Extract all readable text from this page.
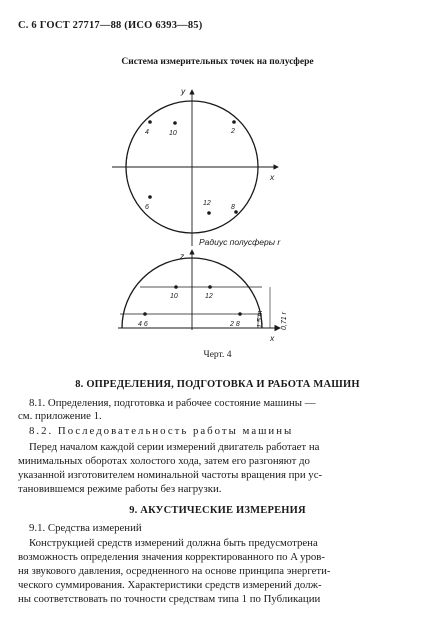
С. 6 ГОСТ 27717—88 (ИСО 6393—85)
Система измерительных точек на полусфере
y
x
4	10	2
6
12
8
Радиус полусферы r
z
x
10	12
4 6	2 8 1,5 m 0,71 r
Черт. 4
8. ОПРЕДЕЛЕНИЯ, ПОДГОТОВКА И РАБОТА МАШИН
8.1. Определения, подготовка и рабочее состояние машины —
см. приложение 1.
8.2. Последовательность работы машины
Перед началом каждой серии измерений двигатель работает на
минимальных оборотах холостого хода, затем его разгоняют до
указанной изготовителем номинальной частоты вращения при ус-
тановившемся режиме работы без нагрузки.
9. АКУСТИЧЕСКИЕ ИЗМЕРЕНИЯ
9.1. Средства измерений
Конструкцией средств измерений должна быть предусмотрена
возможность определения значения корректированного по A уров-
ня звукового давления, осредненного на основе принципа энергети-
ческого суммирования. Характеристики средств измерений долж-
ны соответствовать по точности средствам типа 1 по Публикации
